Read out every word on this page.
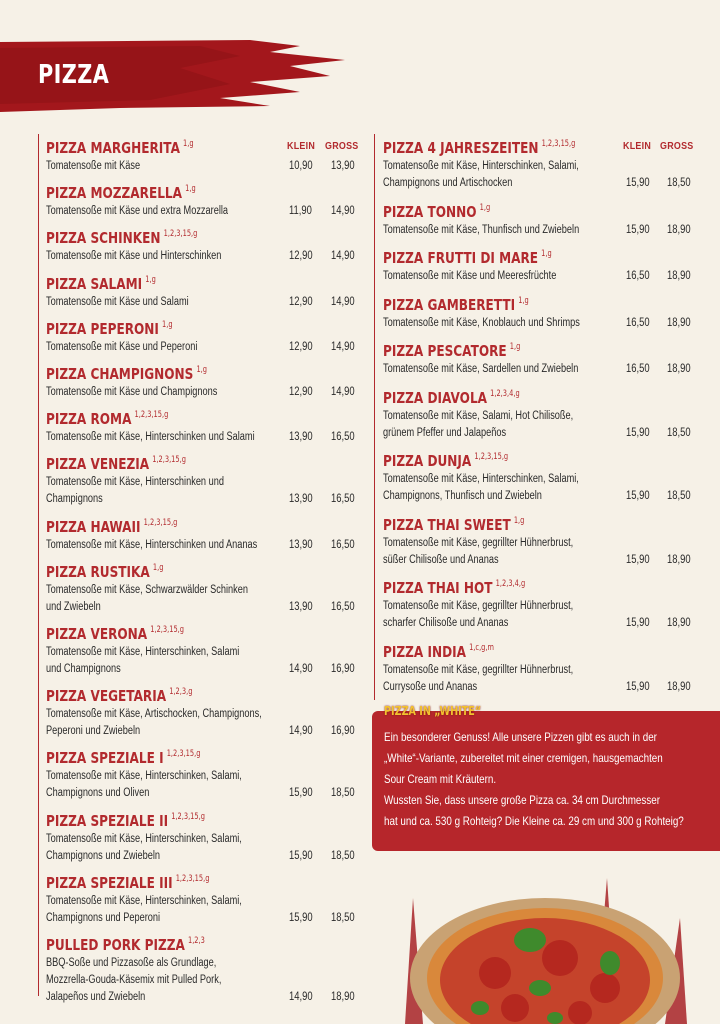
PIZZA
KLEIN GROSS
PIZZA MARGHERITA $^{1,g}$
Tomatensoße mit Käse	10,90 13,90
PIZZA MOZZARELLA $^{1,g}$
Tomatensoße mit Käse und extra Mozzarella	11,90 14,90
PIZZA SCHINKEN $^{1,2,3,15,g}$
Tomatensoße mit Käse und Hinterschinken	12,90 14,90
PIZZA SALAMI $^{1,g}$
Tomatensoße mit Käse und Salami	12,90 14,90
PIZZA PEPERONI $^{1,g}$
Tomatensoße mit Käse und Peperoni	12,90 14,90
PIZZA CHAMPIGNONS $^{1,g}$
Tomatensoße mit Käse und Champignons	12,90 14,90
PIZZA ROMA $^{1,2,3,15,g}$
Tomatensoße mit Käse, Hinterschinken und Salami	13,90 16,50
PIZZA VENEZIA $^{1,2,3,15,g}$
Tomatensoße mit Käse, Hinterschinken und
Champignons	13,90 16,50
PIZZA HAWAII $^{1,2,3,15,g}$
Tomatensoße mit Käse, Hinterschinken und Ananas	13,90 16,50
PIZZA RUSTIKA $^{1,g}$
Tomatensoße mit Käse, Schwarzwälder Schinken
und Zwiebeln	13,90 16,50
PIZZA VERONA $^{1,2,3,15,g}$
Tomatensoße mit Käse, Hinterschinken, Salami
und Champignons	14,90 16,90
PIZZA VEGETARIA $^{1,2,3,g}$
Tomatensoße mit Käse, Artischocken, Champignons,
Peperoni und Zwiebeln	14,90 16,90
PIZZA SPEZIALE I $^{1,2,3,15,g}$
Tomatensoße mit Käse, Hinterschinken, Salami,
Champignons und Oliven	15,90 18,50
PIZZA SPEZIALE II $^{1,2,3,15,g}$
Tomatensoße mit Käse, Hinterschinken, Salami,
Champignons und Zwiebeln	15,90 18,50
PIZZA SPEZIALE III $^{1,2,3,15,g}$
Tomatensoße mit Käse, Hinterschinken, Salami,
Champignons und Peperoni	15,90 18,50
PULLED PORK PIZZA $^{1,2,3}$
BBQ-Soße und Pizzasoße als Grundlage,
Mozzrella-Gouda-Käsemix mit Pulled Pork,
Jalapeños und Zwiebeln	14,90 18,90
KLEIN GROSS
PIZZA 4 JAHRESZEITEN $^{1,2,3,15,g}$
Tomatensoße mit Käse, Hinterschinken, Salami,
Champignons und Artischocken	15,90 18,50
PIZZA TONNO $^{1,g}$
Tomatensoße mit Käse, Thunfisch und Zwiebeln	15,90 18,90
PIZZA FRUTTI DI MARE $^{1,g}$
Tomatensoße mit Käse und Meeresfrüchte	16,50 18,90
PIZZA GAMBERETTI $^{1,g}$
Tomatensoße mit Käse, Knoblauch und Shrimps	16,50 18,90
PIZZA PESCATORE $^{1,g}$
Tomatensoße mit Käse, Sardellen und Zwiebeln	16,50 18,90
PIZZA DIAVOLA $^{1,2,3,4,g}$
Tomatensoße mit Käse, Salami, Hot Chilisoße,
grünem Pfeffer und Jalapeños	15,90 18,50
PIZZA DUNJA $^{1,2,3,15,g}$
Tomatensoße mit Käse, Hinterschinken, Salami,
Champignons, Thunfisch und Zwiebeln	15,90 18,50
PIZZA THAI SWEET $^{1,g}$
Tomatensoße mit Käse, gegrillter Hühnerbrust,
süßer Chilisoße und Ananas	15,90 18,90
PIZZA THAI HOT $^{1,2,3,4,g}$
Tomatensoße mit Käse, gegrillter Hühnerbrust,
scharfer Chilisoße und Ananas	15,90 18,90
PIZZA INDIA $^{1,c,g,m}$
Tomatensoße mit Käse, gegrillter Hühnerbrust,
Currysoße und Ananas	15,90 18,90
Ein besonderer Genuss! Alle unsere Pizzen gibt es auch in der
„White“-Variante, zubereitet mit einer cremigen, hausgemachten
Sour Cream mit Kräutern.
Wussten Sie, dass unsere große Pizza ca. 34 cm Durchmesser
hat und ca. 530 g Rohteig? Die Kleine ca. 29 cm und 300 g Rohteig?
PIZZA IN „WHITE“
